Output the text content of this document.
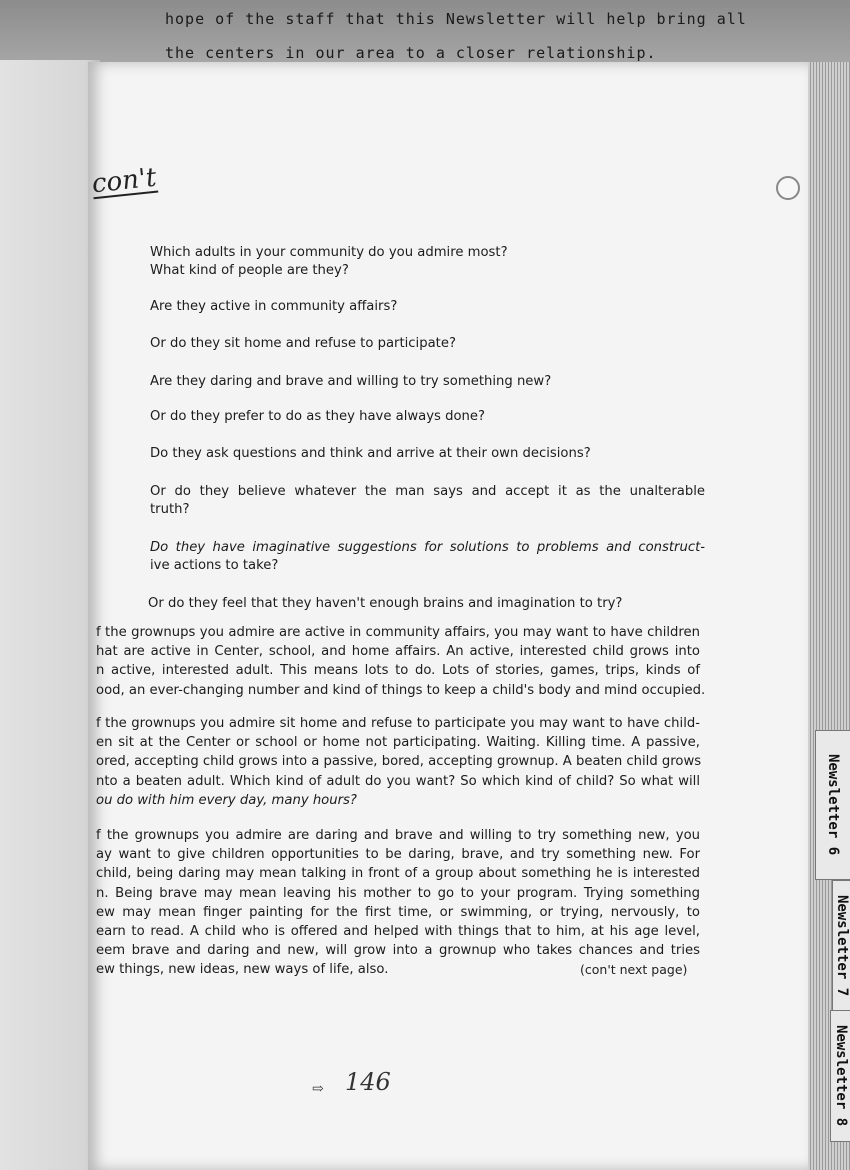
hope of the staff that this Newsletter will help bring all
the centers in our area to a closer relationship.
Newsletter 6
Newsletter 7
Newsletter 8
con't
Which adults in your community do you admire most?
What kind of people are they?
Are they active in community affairs?
Or do they sit home and refuse to participate?
Are they daring and brave and willing to try something new?
Or do they prefer to do as they have always done?
Do they ask questions and think and arrive at their own decisions?
Or do they believe whatever the man says and accept it as the unalterable
truth?
Do they have imaginative suggestions for solutions to problems and construct-
ive actions to take?
Or do they feel that they haven't enough brains and imagination to try?
f the grownups you admire are active in community affairs, you may want to have children
hat are active in Center, school, and home affairs. An active, interested child grows into
n active, interested adult. This means lots to do. Lots of stories, games, trips, kinds of
ood, an ever-changing number and kind of things to keep a child's body and mind occupied.
f the grownups you admire sit home and refuse to participate you may want to have child-
en sit at the Center or school or home not participating. Waiting. Killing time. A passive,
ored, accepting child grows into a passive, bored, accepting grownup. A beaten child grows
nto a beaten adult. Which kind of adult do you want? So which kind of child? So what will
ou do with him every day, many hours?
f the grownups you admire are daring and brave and willing to try something new, you
ay want to give children opportunities to be daring, brave, and try something new. For
child, being daring may mean talking in front of a group about something he is interested
n. Being brave may mean leaving his mother to go to your program. Trying something
ew may mean finger painting for the first time, or swimming, or trying, nervously, to
earn to read. A child who is offered and helped with things that to him, at his age level,
eem brave and daring and new, will grow into a grownup who takes chances and tries
ew things, new ideas, new ways of life, also.	(con't next page)
⇨ 146
